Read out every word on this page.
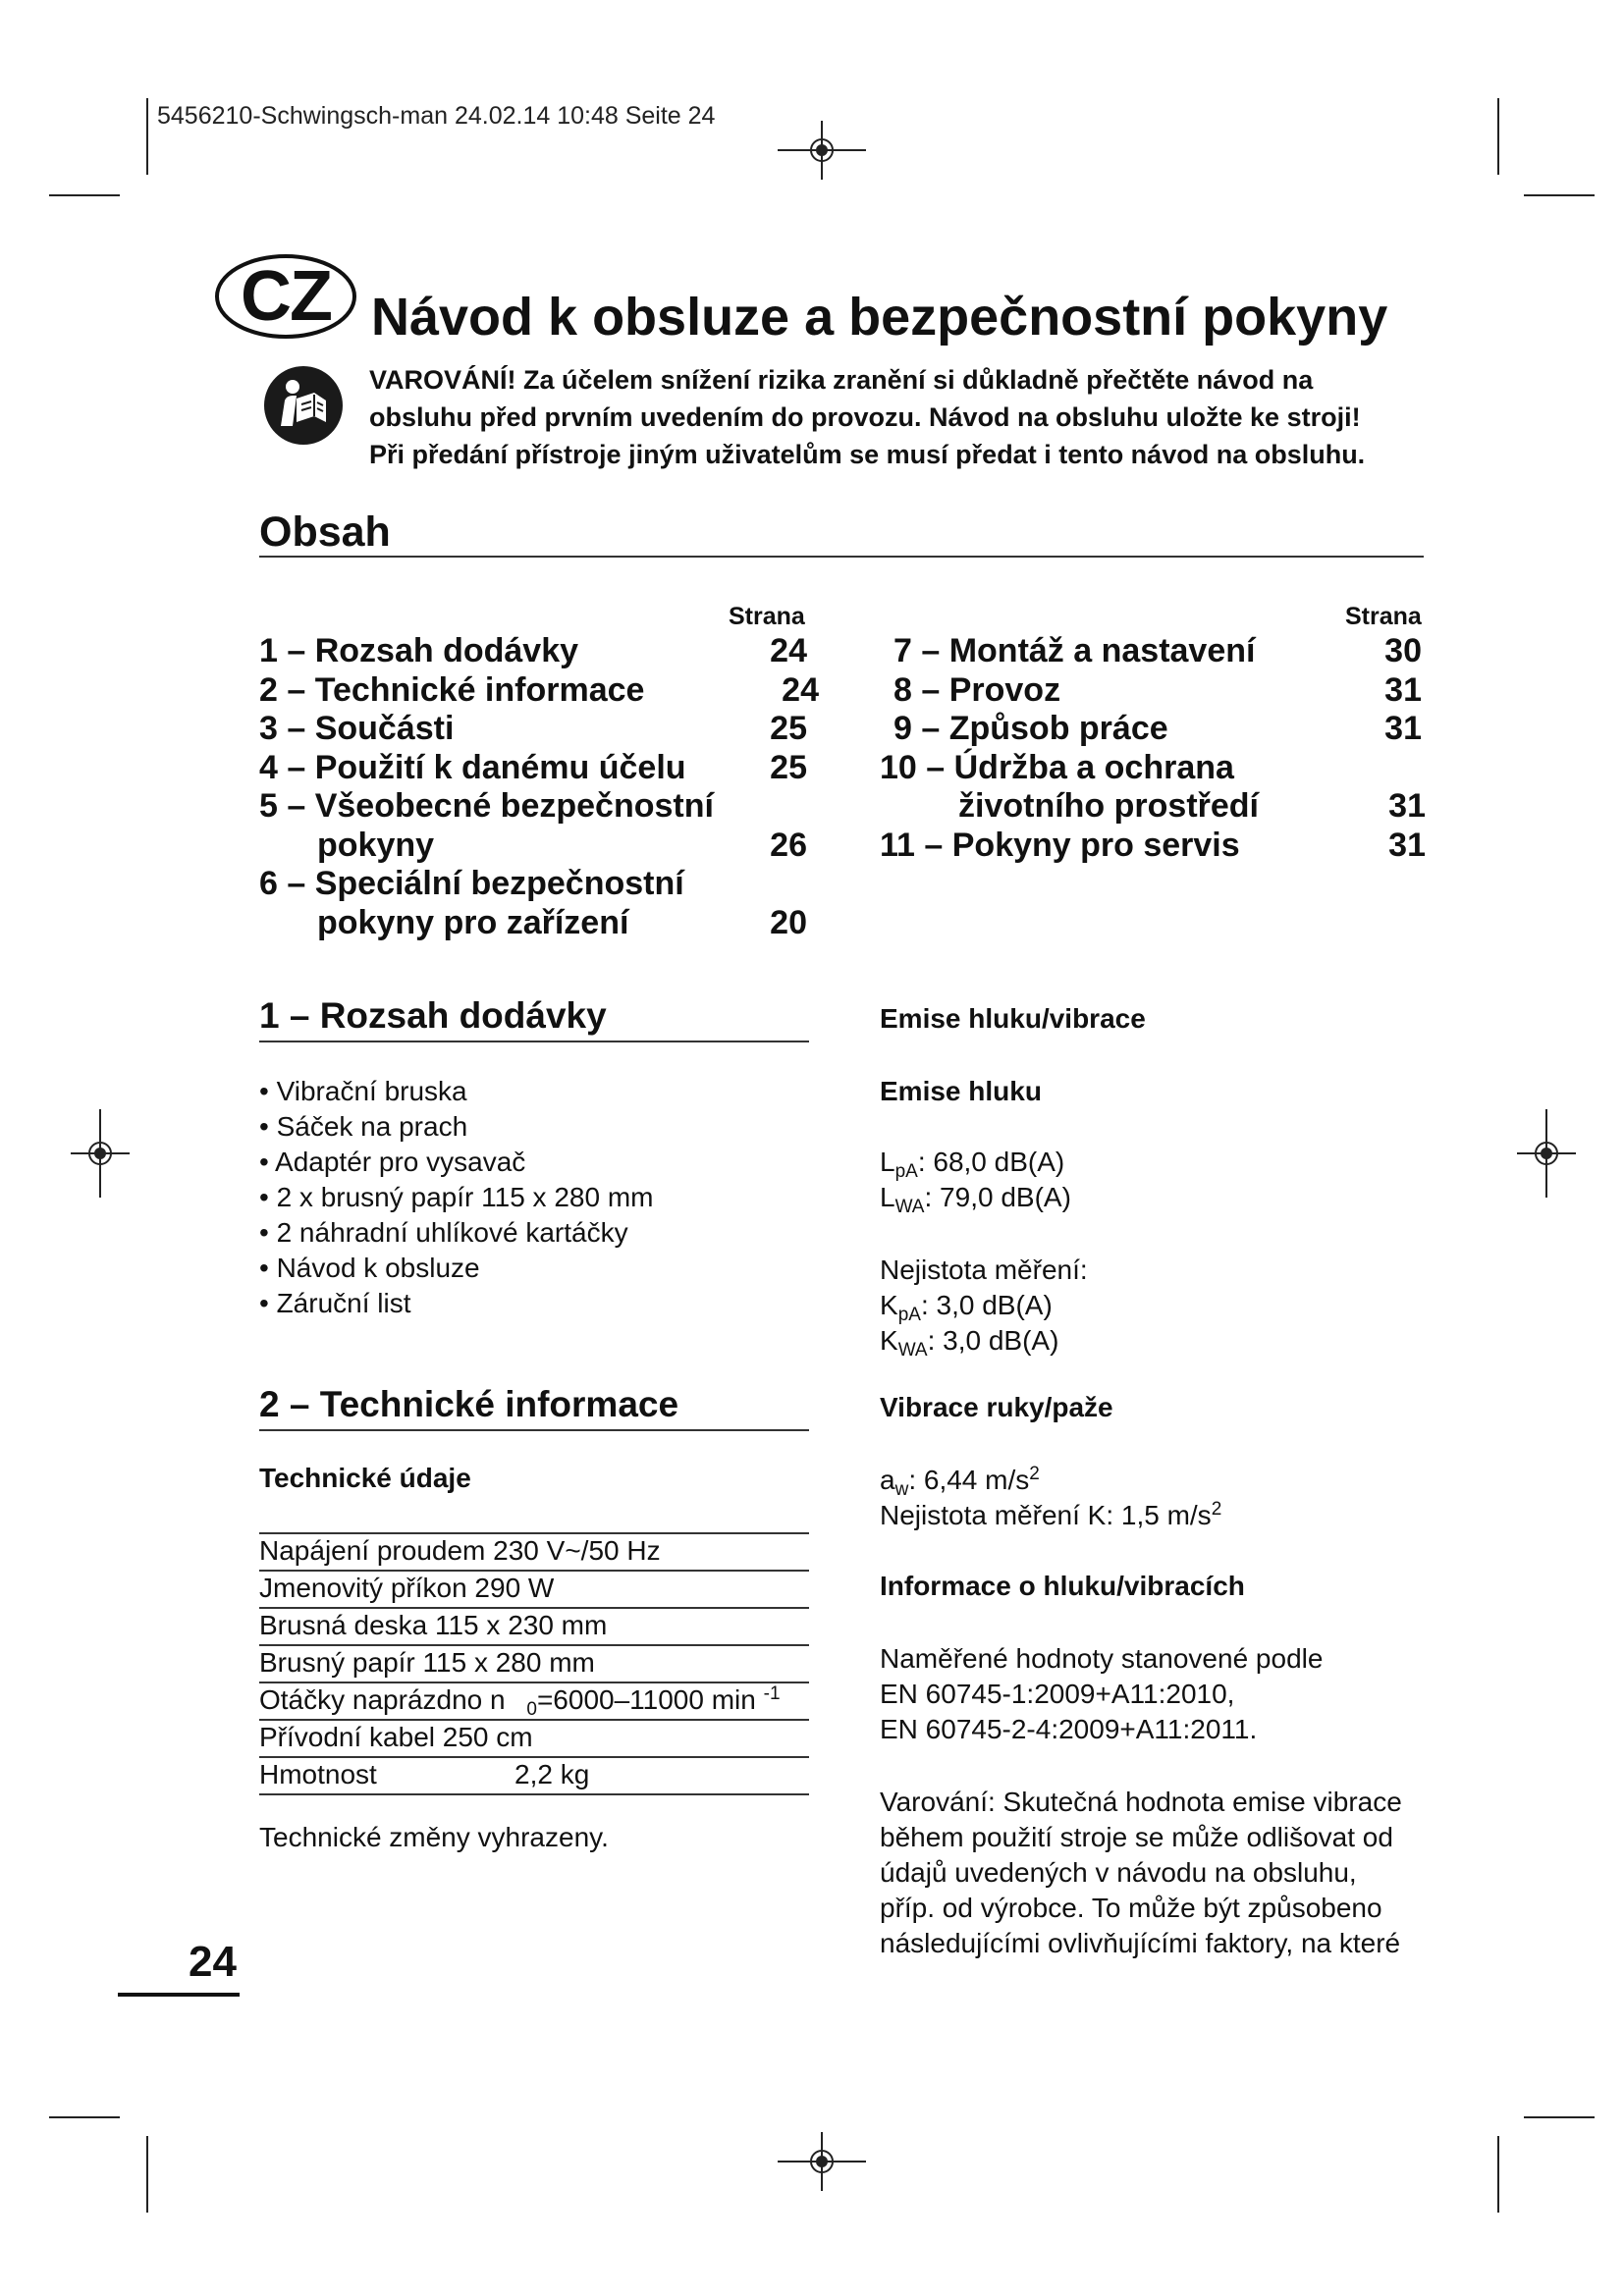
5456210-Schwingsch-man 24.02.14 10:48 Seite 24
CZ Návod k obsluze a bezpečnostní pokyny
VAROVÁNÍ! Za účelem snížení rizika zranění si důkladně přečtěte návod na
obsluhu před prvním uvedením do provozu. Návod na obsluhu uložte ke stroji!
Při předání přístroje jiným uživatelům se musí předat i tento návod na obsluhu.
Obsah
Strana	Strana
1 – Rozsah dodávky	24
2 – Technické informace	24
3 – Součásti	25
4 – Použití k danému účelu	25
5 – Všeobecné bezpečnostní
pokyny	26
6 – Speciální bezpečnostní
pokyny pro zařízení	20
7 – Montáž a nastavení	30
8 – Provoz	31
9 – Způsob práce	31
10 – Údržba a ochrana
životního prostředí	31
11 – Pokyny pro servis	31
1 – Rozsah dodávky
• Vibrační bruska
• Sáček na prach
• Adaptér pro vysavač
• 2 x brusný papír 115 x 280 mm
• 2 náhradní uhlíkové kartáčky
• Návod k obsluze
• Záruční list
2 – Technické informace
Technické údaje
Napájení proudem 230 V~/50 Hz
Jmenovitý příkon 290 W
Brusná deska 115 x 230 mm
Brusný papír 115 x 280 mm
Otáčky naprázdno n $_0$=6000–11000 min $^{-1}$
Přívodní kabel 250 cm
Hmotnost	2,2 kg
Technické změny vyhrazeny.
Emise hluku/vibrace
Emise hluku
$L_{pA}$: 68,0 dB(A)
$L_{WA}$: 79,0 dB(A)
Nejistota měření:
$K_{pA}$: 3,0 dB(A)
$K_{WA}$: 3,0 dB(A)
Vibrace ruky/paže
$a_w$: 6,44 $m/s^2$
Nejistota měření K: 1,5 $m/s^2$
Informace o hluku/vibracích
Naměřené hodnoty stanovené podle
EN 60745-1:2009+A11:2010,
EN 60745-2-4:2009+A11:2011.
Varování: Skutečná hodnota emise vibrace
během použití stroje se může odlišovat od
údajů uvedených v návodu na obsluhu,
příp. od výrobce. To může být způsobeno
následujícími ovlivňujícími faktory, na které
24
